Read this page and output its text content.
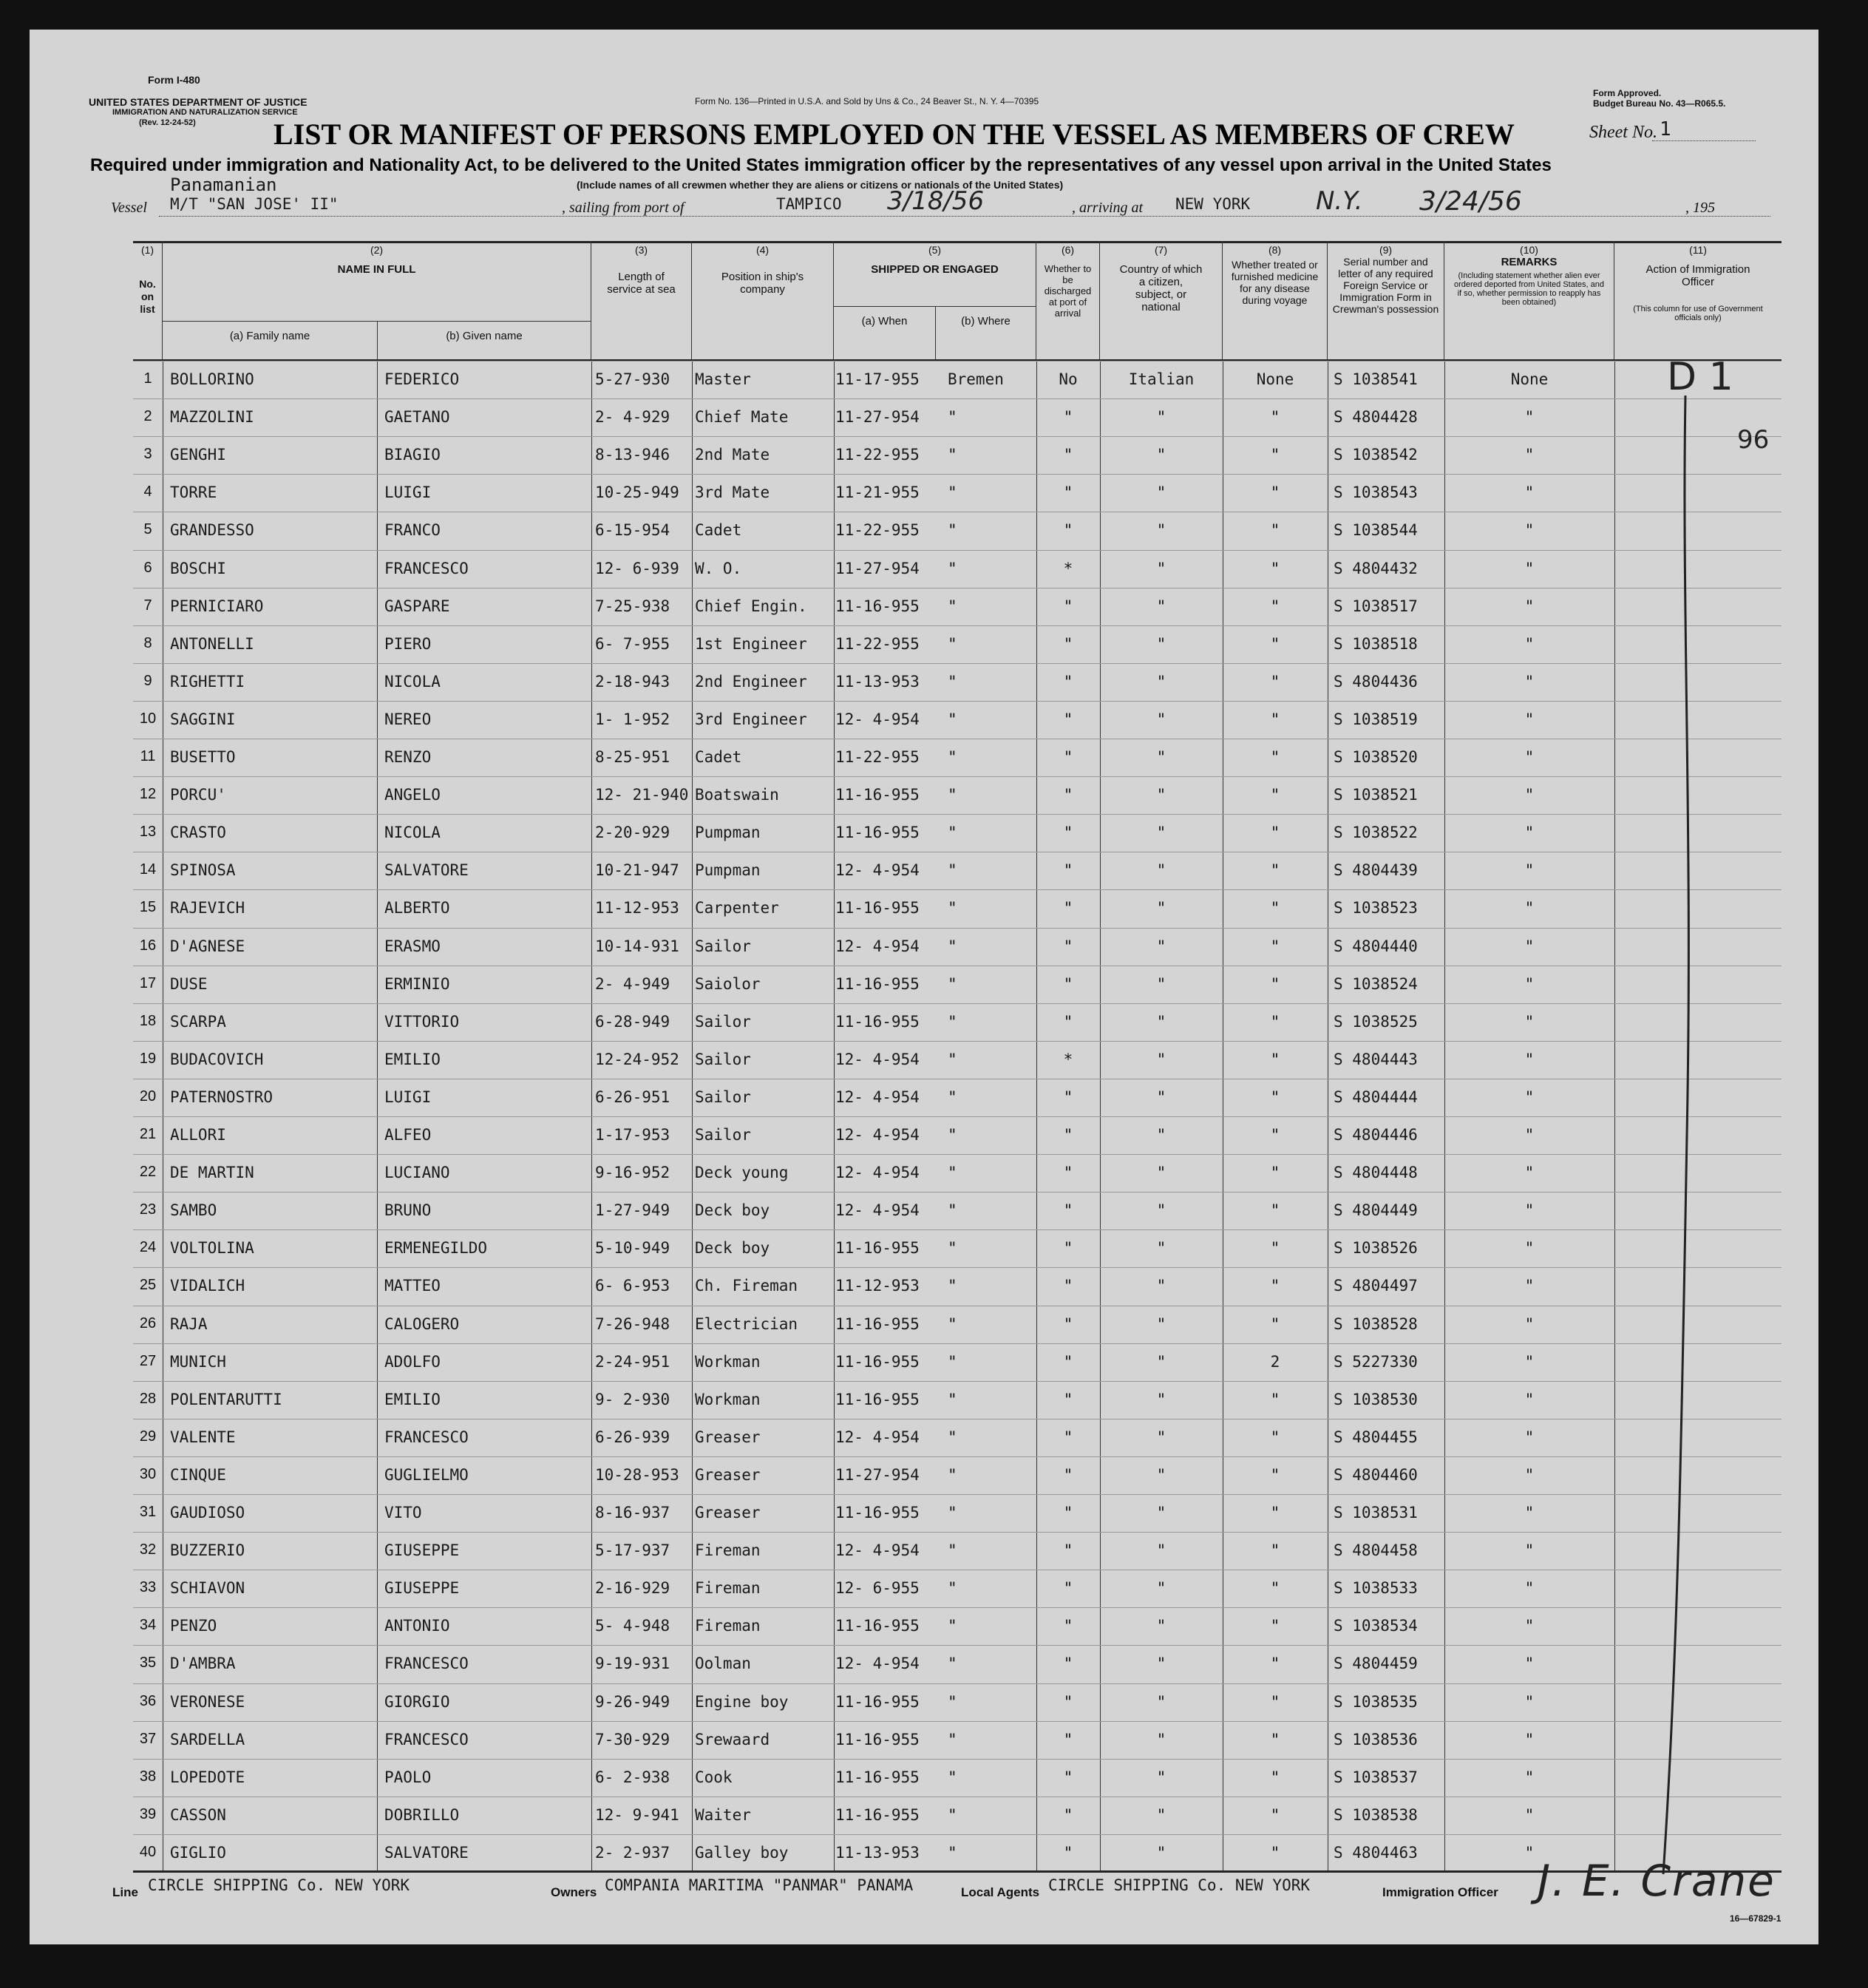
Form I-480
UNITED STATES DEPARTMENT OF JUSTICE
IMMIGRATION AND NATURALIZATION SERVICE
(Rev. 12-24-52)
Form No. 136—Printed in U.S.A. and Sold by Uns & Co., 24 Beaver St., N. Y. 4—70395
Form Approved.
Budget Bureau No. 43—R065.5.
LIST OR MANIFEST OF PERSONS EMPLOYED ON THE VESSEL AS MEMBERS OF CREW	Sheet No. 1
Required under immigration and Nationality Act, to be delivered to the United States immigration officer by the representatives of any vessel upon arrival in the United States
Panamanian	(Include names of all crewmen whether they are aliens or citizens or nationals of the United States)
Vessel M/T "SAN JOSE' II"	, sailing from port of	TAMPICO 3/18/56	, arriving at NEW YORK	N.Y. 3/24/56	, 195
(1)
No. on list
(2)
NAME IN FULL
(a) Family name	(b) Given name
(3)
Length of service at sea
(4)
Position in ship's company
(5)
SHIPPED OR ENGAGED
(a) When	(b) Where
(6)
Whether to be discharged at port of arrival
(7)
Country of which a citizen, subject, or national
(8)
Whether treated or furnished medicine for any disease during voyage
(9)
Serial number and letter of any required Foreign Service or Immigration Form in Crewman's possession
(10)
REMARKS
(Including statement whether alien ever ordered deported from United States, and if so, whether permission to reapply has been obtained)
(11)
Action of Immigration Officer
(This column for use of Government officials only)
1	BOLLORINO	FEDERICO	5-27-930 Master	11-17-955 Bremen	No	Italian	None	S 1038541	None
2	MAZZOLINI	GAETANO	2- 4-929 Chief Mate	11-27-954 "	"	"	"	S 4804428	"
3	GENGHI	BIAGIO	8-13-946 2nd Mate	11-22-955 "	"	"	"	S 1038542	"
4	TORRE	LUIGI	10-25-949 3rd Mate	11-21-955 "	"	"	"	S 1038543	"
5	GRANDESSO	FRANCO	6-15-954 Cadet	11-22-955 "	"	"	"	S 1038544	"
6	BOSCHI	FRANCESCO	12- 6-939 W. O.	11-27-954 "	*	"	"	S 4804432	"
7	PERNICIARO	GASPARE	7-25-938 Chief Engin. 11-16-955 "	"	"	"	S 1038517	"
8	ANTONELLI	PIERO	6- 7-955 1st Engineer 11-22-955 "	"	"	"	S 1038518	"
9	RIGHETTI	NICOLA	2-18-943 2nd Engineer 11-13-953 "	"	"	"	S 4804436	"
10 SAGGINI	NEREO	1- 1-952 3rd Engineer 12- 4-954 "	"	"	"	S 1038519	"
11 BUSETTO	RENZO	8-25-951 Cadet	11-22-955 "	"	"	"	S 1038520	"
12 PORCU'	ANGELO	12- 21-940 Boatswain	11-16-955 "	"	"	"	S 1038521	"
13 CRASTO	NICOLA	2-20-929 Pumpman	11-16-955 "	"	"	"	S 1038522	"
14 SPINOSA	SALVATORE	10-21-947 Pumpman	12- 4-954 "	"	"	"	S 4804439	"
15 RAJEVICH	ALBERTO	11-12-953 Carpenter	11-16-955 "	"	"	"	S 1038523	"
16 D'AGNESE	ERASMO	10-14-931 Sailor	12- 4-954 "	"	"	"	S 4804440	"
17 DUSE	ERMINIO	2- 4-949 Saiolor	11-16-955 "	"	"	"	S 1038524	"
18 SCARPA	VITTORIO	6-28-949 Sailor	11-16-955 "	"	"	"	S 1038525	"
19 BUDACOVICH	EMILIO	12-24-952 Sailor	12- 4-954 "	*	"	"	S 4804443	"
20 PATERNOSTRO	LUIGI	6-26-951 Sailor	12- 4-954 "	"	"	"	S 4804444	"
21 ALLORI	ALFEO	1-17-953 Sailor	12- 4-954 "	"	"	"	S 4804446	"
22 DE MARTIN	LUCIANO	9-16-952 Deck young	12- 4-954 "	"	"	"	S 4804448	"
23 SAMBO	BRUNO	1-27-949 Deck boy	12- 4-954 "	"	"	"	S 4804449	"
24 VOLTOLINA	ERMENEGILDO	5-10-949 Deck boy	11-16-955 "	"	"	"	S 1038526	"
25 VIDALICH	MATTEO	6- 6-953 Ch. Fireman 11-12-953 "	"	"	"	S 4804497	"
26 RAJA	CALOGERO	7-26-948 Electrician 11-16-955 "	"	"	"	S 1038528	"
27 MUNICH	ADOLFO	2-24-951 Workman	11-16-955 "	"	"	2	S 5227330	"
28 POLENTARUTTI	EMILIO	9- 2-930 Workman	11-16-955 "	"	"	"	S 1038530	"
29 VALENTE	FRANCESCO	6-26-939 Greaser	12- 4-954 "	"	"	"	S 4804455	"
30 CINQUE	GUGLIELMO	10-28-953 Greaser	11-27-954 "	"	"	"	S 4804460	"
31 GAUDIOSO	VITO	8-16-937 Greaser	11-16-955 "	"	"	"	S 1038531	"
32 BUZZERIO	GIUSEPPE	5-17-937 Fireman	12- 4-954 "	"	"	"	S 4804458	"
33 SCHIAVON	GIUSEPPE	2-16-929 Fireman	12- 6-955 "	"	"	"	S 1038533	"
34 PENZO	ANTONIO	5- 4-948 Fireman	11-16-955 "	"	"	"	S 1038534	"
35 D'AMBRA	FRANCESCO	9-19-931 Oolman	12- 4-954 "	"	"	"	S 4804459	"
36 VERONESE	GIORGIO	9-26-949 Engine boy	11-16-955 "	"	"	"	S 1038535	"
37 SARDELLA	FRANCESCO	7-30-929 Srewaard	11-16-955 "	"	"	"	S 1038536	"
38 LOPEDOTE	PAOLO	6- 2-938 Cook	11-16-955 "	"	"	"	S 1038537	"
39 CASSON	DOBRILLO	12- 9-941 Waiter	11-16-955 "	"	"	"	S 1038538	"
40 GIGLIO	SALVATORE	2- 2-937 Galley boy	11-13-953 "	"	"	"	S 4804463	"
D 1
96
Line CIRCLE SHIPPING Co. NEW YORK	Owners COMPANIA MARITIMA "PANMAR" PANAMA	Local Agents CIRCLE SHIPPING Co. NEW YORK	Immigration Officer J. E. Crane
16—67829-1
